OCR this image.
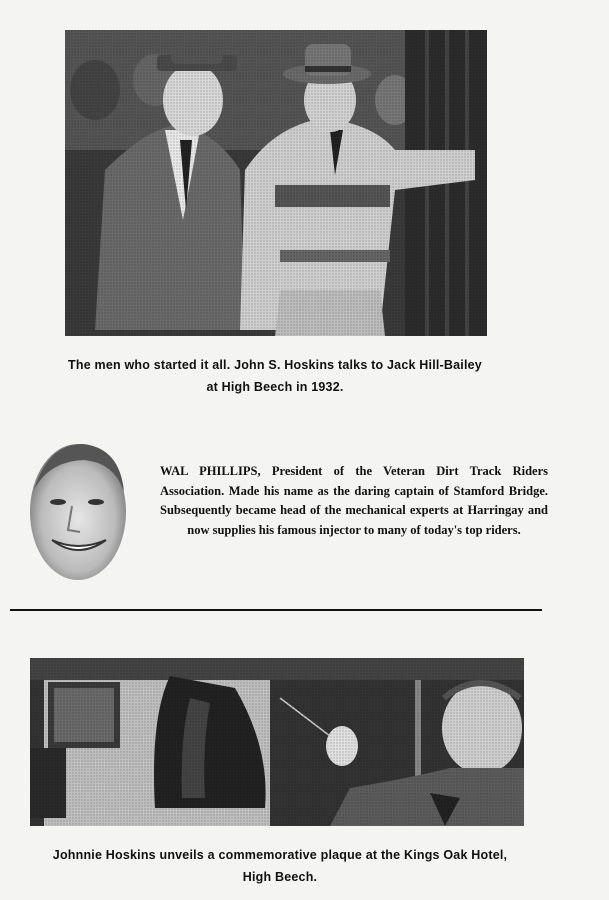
The men who started it all. John S. Hoskins talks to Jack Hill-Bailey
at High Beech in 1932.
WAL PHILLIPS, President of the Veteran Dirt Track Riders Association. Made his name as the daring captain of Stamford Bridge. Subsequently became head of the mechanical experts at Harringay and now supplies his famous injector to many of today's top riders.
Johnnie Hoskins unveils a commemorative plaque at the Kings Oak Hotel,
High Beech.
